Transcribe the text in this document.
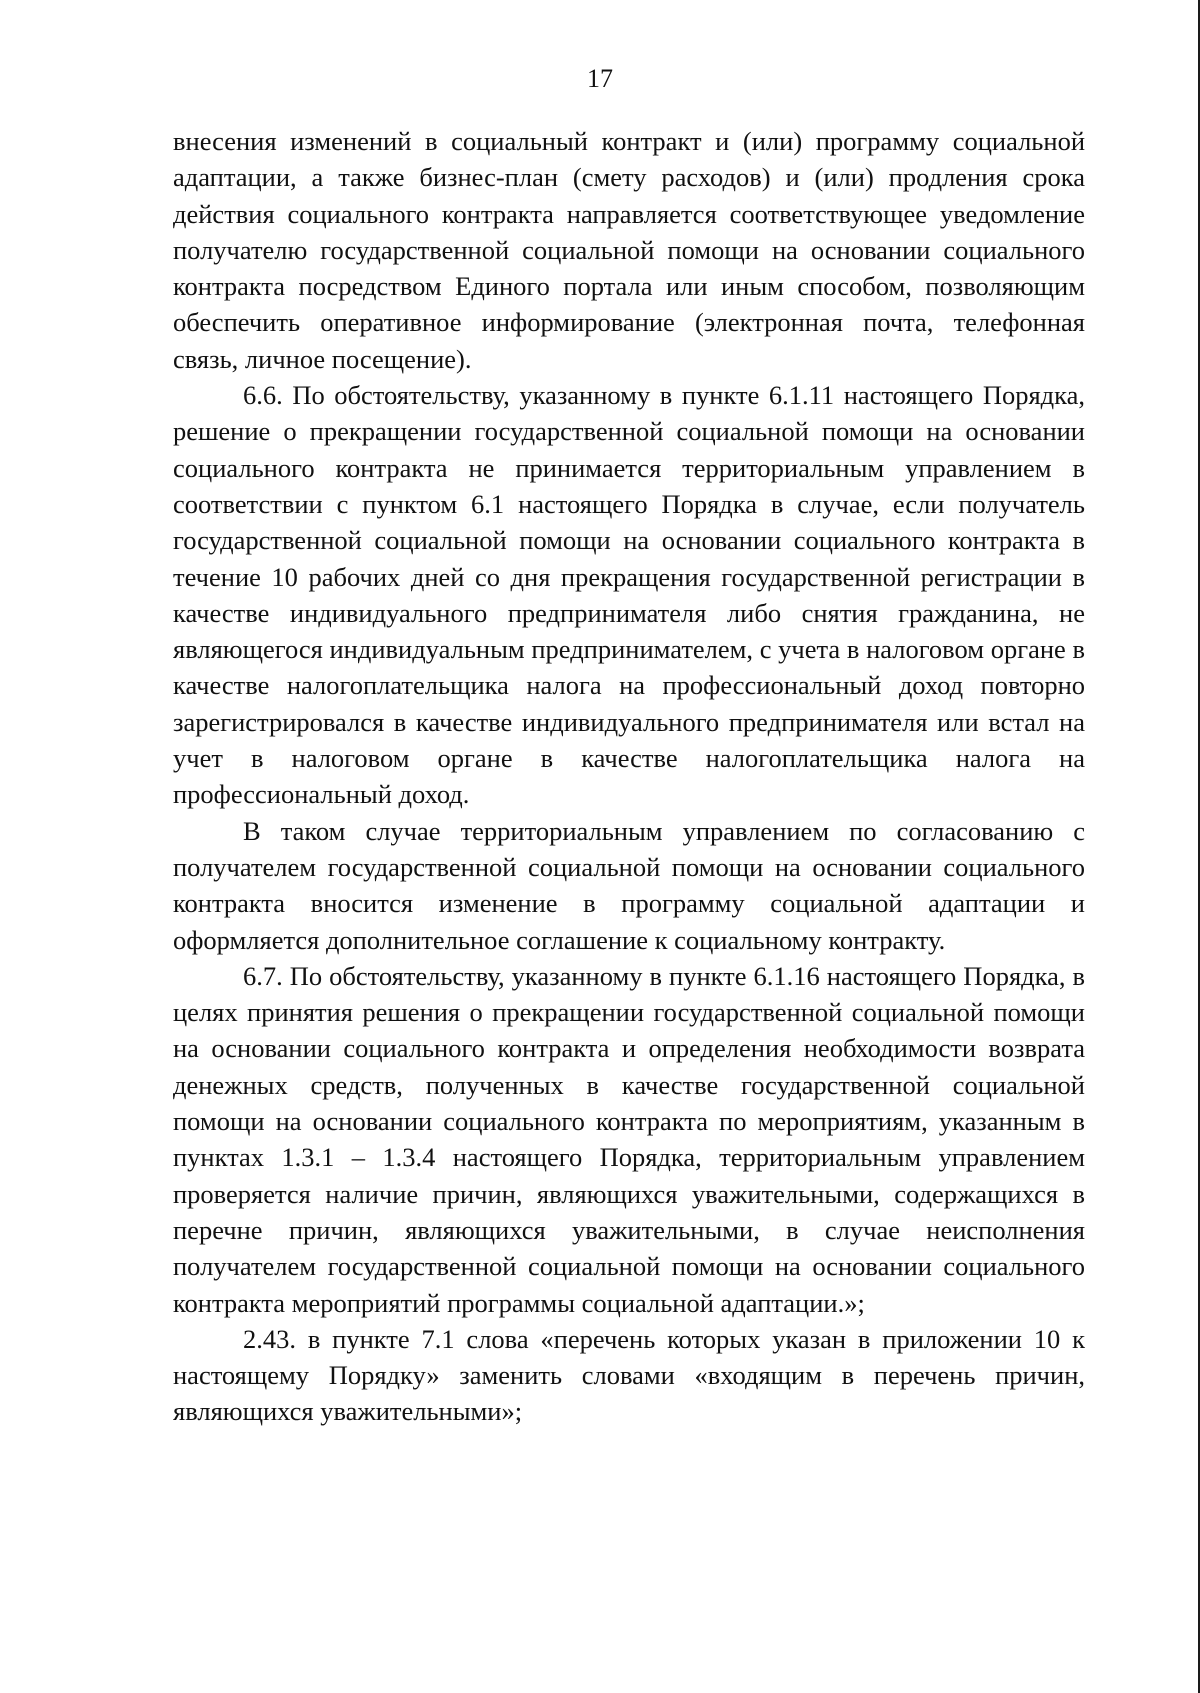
17

внесения изменений в социальный контракт и (или) программу социальной адаптации, а также бизнес-план (смету расходов) и (или) продления срока действия социального контракта направляется соответствующее уведомление получателю государственной социальной помощи на основании социального контракта посредством Единого портала или иным способом, позволяющим обеспечить оперативное информирование (электронная почта, телефонная связь, личное посещение).

6.6. По обстоятельству, указанному в пункте 6.1.11 настоящего Порядка, решение о прекращении государственной социальной помощи на основании социального контракта не принимается территориальным управлением в соответствии с пунктом 6.1 настоящего Порядка в случае, если получатель государственной социальной помощи на основании социального контракта в течение 10 рабочих дней со дня прекращения государственной регистрации в качестве индивидуального предпринимателя либо снятия гражданина, не являющегося индивидуальным предпринимателем, с учета в налоговом органе в качестве налогоплательщика налога на профессиональный доход повторно зарегистрировался в качестве индивидуального предпринимателя или встал на учет в налоговом органе в качестве налогоплательщика налога на профессиональный доход.

В таком случае территориальным управлением по согласованию с получателем государственной социальной помощи на основании социального контракта вносится изменение в программу социальной адаптации и оформляется дополнительное соглашение к социальному контракту.

6.7. По обстоятельству, указанному в пункте 6.1.16 настоящего Порядка, в целях принятия решения о прекращении государственной социальной помощи на основании социального контракта и определения необходимости возврата денежных средств, полученных в качестве государственной социальной помощи на основании социального контракта по мероприятиям, указанным в пунктах 1.3.1 – 1.3.4 настоящего Порядка, территориальным управлением проверяется наличие причин, являющихся уважительными, содержащихся в перечне причин, являющихся уважительными, в случае неисполнения получателем государственной социальной помощи на основании социального контракта мероприятий программы социальной адаптации.»;

2.43. в пункте 7.1 слова «перечень которых указан в приложении 10 к настоящему Порядку» заменить словами «входящим в перечень причин, являющихся уважительными»;
